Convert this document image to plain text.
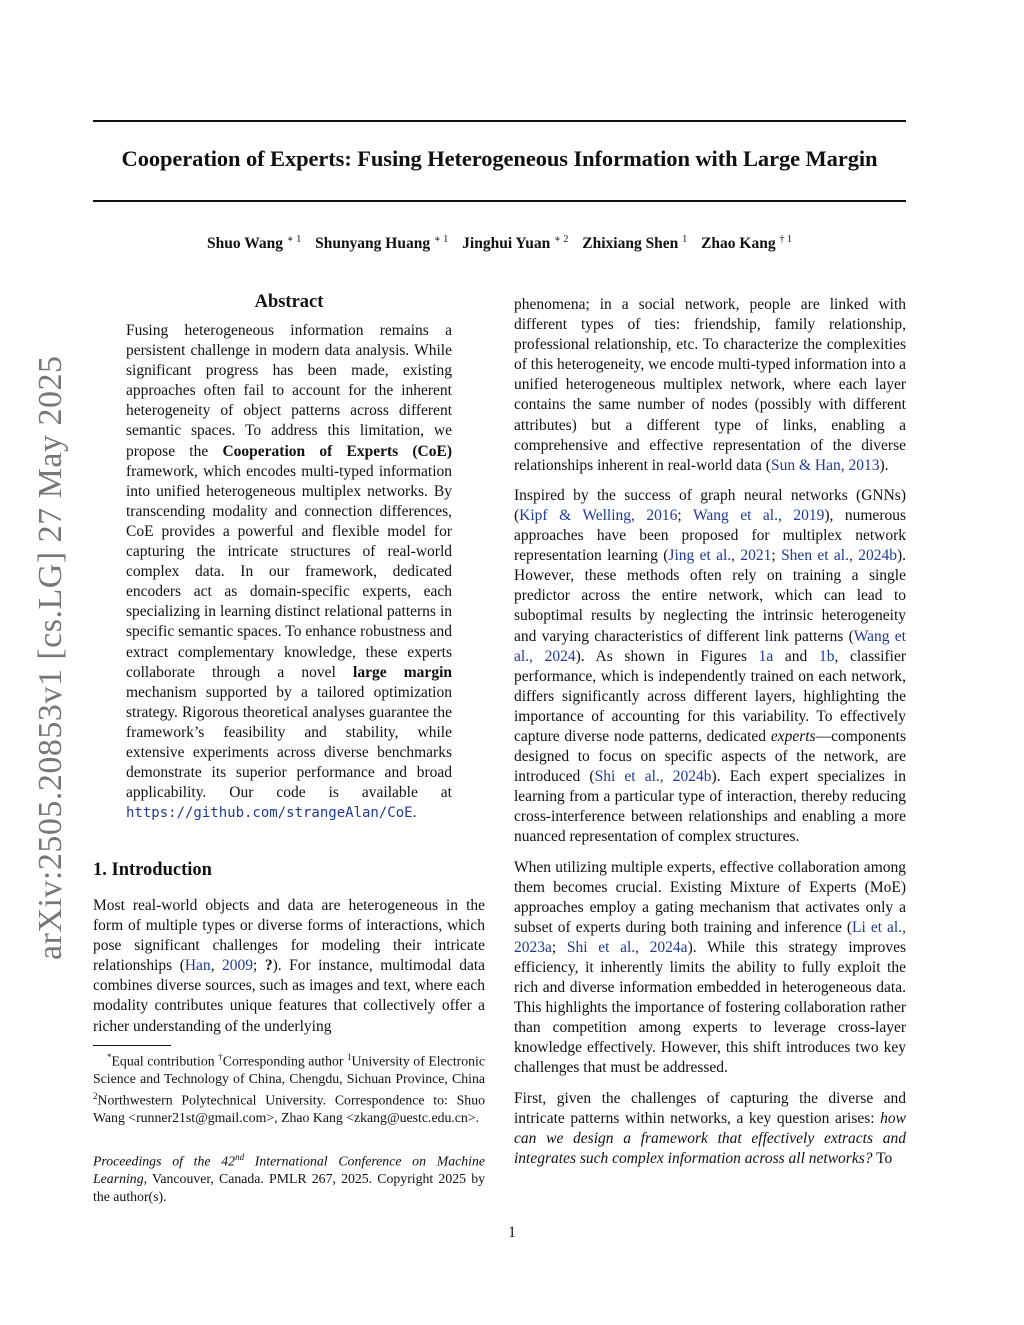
Cooperation of Experts: Fusing Heterogeneous Information with Large Margin
Shuo Wang $^{∗ 1}$ Shunyang Huang $^{∗ 1}$ Jinghui Yuan $^{∗ 2}$ Zhixiang Shen $^1$ Zhao Kang $^{\dagger 1}$
arXiv:2505.20853v1 [cs.LG] 27 May 2025
Abstract
Fusing heterogeneous information remains a persistent challenge in modern data analysis. While significant progress has been made, existing approaches often fail to account for the inherent heterogeneity of object patterns across different semantic spaces. To address this limitation, we propose the Cooperation of Experts (CoE) framework, which encodes multi-typed information into unified heterogeneous multiplex networks. By transcending modality and connection differences, CoE provides a powerful and flexible model for capturing the intricate structures of real-world complex data. In our framework, dedicated encoders act as domain-specific experts, each specializing in learning distinct relational patterns in specific semantic spaces. To enhance robustness and extract complementary knowledge, these experts collaborate through a novel large margin mechanism supported by a tailored optimization strategy. Rigorous theoretical analyses guarantee the framework’s feasibility and stability, while extensive experiments across diverse benchmarks demonstrate its superior performance and broad applicability. Our code is available at https://github.com/strangeAlan/CoE.
1. Introduction

Most real-world objects and data are heterogeneous in the form of multiple types or diverse forms of interactions, which pose significant challenges for modeling their intricate relationships (Han, 2009; ?). For instance, multimodal data combines diverse sources, such as images and text, where each modality contributes unique features that collectively offer a richer understanding of the underlying

*Equal contribution †Corresponding author $^1$University of Electronic Science and Technology of China, Chengdu, Sichuan Province, China $^2$Northwestern Polytechnical University. Correspondence to: Shuo Wang <runner21st@gmail.com>, Zhao Kang <zkang@uestc.edu.cn>.
Proceedings of the 42nd International Conference on Machine Learning, Vancouver, Canada. PMLR 267, 2025. Copyright 2025 by the author(s).

phenomena; in a social network, people are linked with different types of ties: friendship, family relationship, professional relationship, etc. To characterize the complexities of this heterogeneity, we encode multi-typed information into a unified heterogeneous multiplex network, where each layer contains the same number of nodes (possibly with different attributes) but a different type of links, enabling a comprehensive and effective representation of the diverse relationships inherent in real-world data (Sun & Han, 2013).

Inspired by the success of graph neural networks (GNNs) (Kipf & Welling, 2016; Wang et al., 2019), numerous approaches have been proposed for multiplex network representation learning (Jing et al., 2021; Shen et al., 2024b). However, these methods often rely on training a single predictor across the entire network, which can lead to suboptimal results by neglecting the intrinsic heterogeneity and varying characteristics of different link patterns (Wang et al., 2024). As shown in Figures 1a and 1b, classifier performance, which is independently trained on each network, differs significantly across different layers, highlighting the importance of accounting for this variability. To effectively capture diverse node patterns, dedicated experts—components designed to focus on specific aspects of the network, are introduced (Shi et al., 2024b). Each expert specializes in learning from a particular type of interaction, thereby reducing cross-interference between relationships and enabling a more nuanced representation of complex structures.

When utilizing multiple experts, effective collaboration among them becomes crucial. Existing Mixture of Experts (MoE) approaches employ a gating mechanism that activates only a subset of experts during both training and inference (Li et al., 2023a; Shi et al., 2024a). While this strategy improves efficiency, it inherently limits the ability to fully exploit the rich and diverse information embedded in heterogeneous data. This highlights the importance of fostering collaboration rather than competition among experts to leverage cross-layer knowledge effectively. However, this shift introduces two key challenges that must be addressed.

First, given the challenges of capturing the diverse and intricate patterns within networks, a key question arises: how can we design a framework that effectively extracts and integrates such complex information across all networks? To

1
